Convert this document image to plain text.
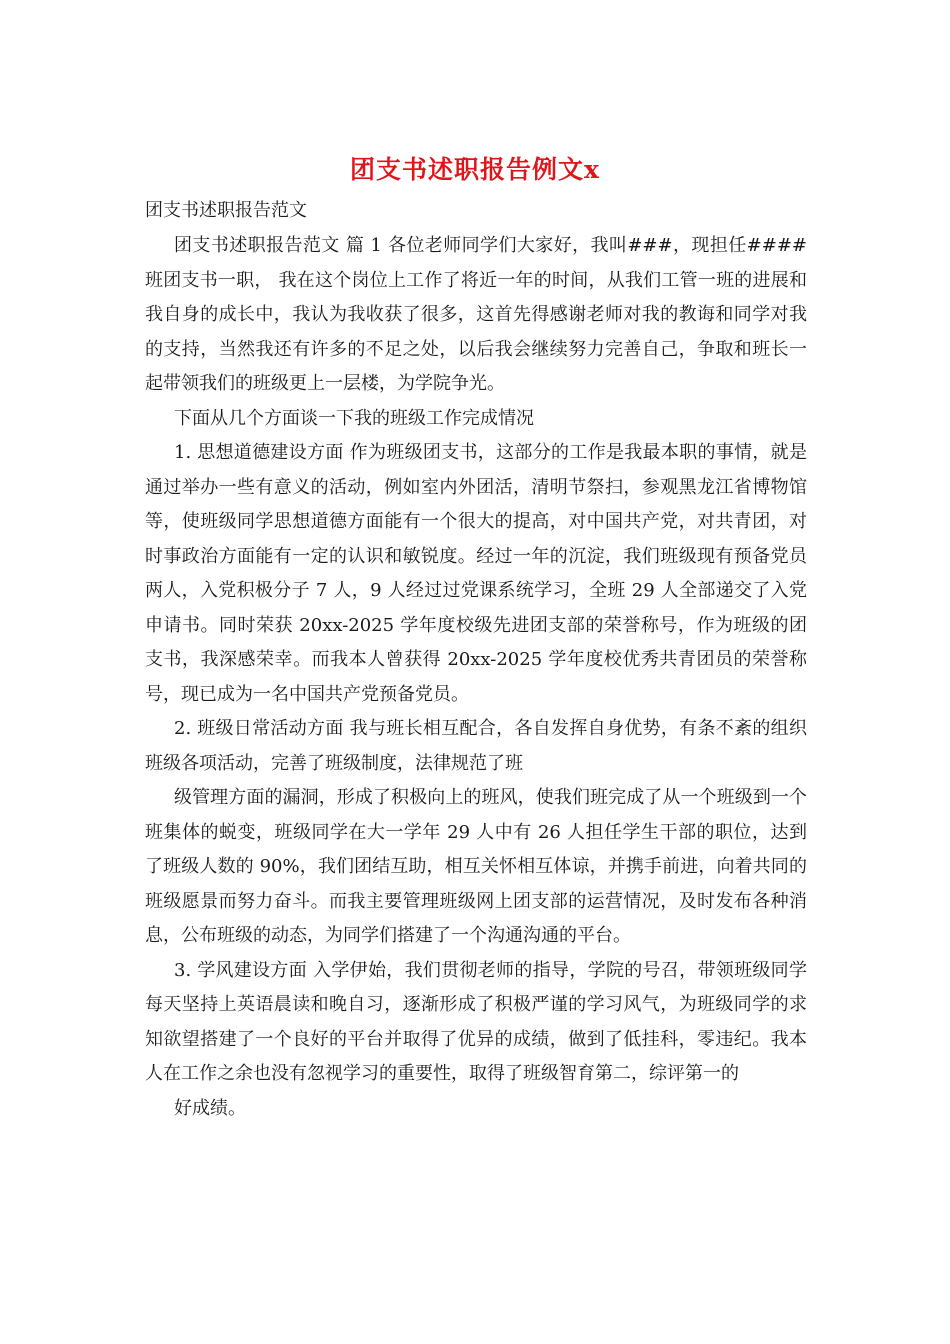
团支书述职报告例文x
团支书述职报告范文

团支书述职报告范文 篇 1 各位老师同学们大家好，我叫###，现担任####班团支书一职， 我在这个岗位上工作了将近一年的时间，从我们工管一班的进展和我自身的成长中，我认为我收获了很多，这首先得感谢老师对我的教诲和同学对我的支持，当然我还有许多的不足之处，以后我会继续努力完善自己，争取和班长一起带领我们的班级更上一层楼，为学院争光。

下面从几个方面谈一下我的班级工作完成情况

1. 思想道德建设方面 作为班级团支书，这部分的工作是我最本职的事情，就是通过举办一些有意义的活动，例如室内外团活，清明节祭扫，参观黑龙江省博物馆等，使班级同学思想道德方面能有一个很大的提高，对中国共产党，对共青团，对时事政治方面能有一定的认识和敏锐度。经过一年的沉淀，我们班级现有预备党员两人，入党积极分子 7 人，9 人经过过党课系统学习，全班 29 人全部递交了入党申请书。同时荣获 20xx-2025 学年度校级先进团支部的荣誉称号，作为班级的团支书，我深感荣幸。而我本人曾获得 20xx-2025 学年度校优秀共青团员的荣誉称号，现已成为一名中国共产党预备党员。

2. 班级日常活动方面 我与班长相互配合，各自发挥自身优势，有条不紊的组织班级各项活动，完善了班级制度，法律规范了班

级管理方面的漏洞，形成了积极向上的班风，使我们班完成了从一个班级到一个班集体的蜕变，班级同学在大一学年 29 人中有 26 人担任学生干部的职位，达到了班级人数的 90%，我们团结互助，相互关怀相互体谅，并携手前进，向着共同的班级愿景而努力奋斗。而我主要管理班级网上团支部的运营情况，及时发布各种消息，公布班级的动态，为同学们搭建了一个沟通沟通的平台。

3. 学风建设方面 入学伊始，我们贯彻老师的指导，学院的号召，带领班级同学每天坚持上英语晨读和晚自习，逐渐形成了积极严谨的学习风气，为班级同学的求知欲望搭建了一个良好的平台并取得了优异的成绩，做到了低挂科，零违纪。我本人在工作之余也没有忽视学习的重要性，取得了班级智育第二，综评第一的

好成绩。
